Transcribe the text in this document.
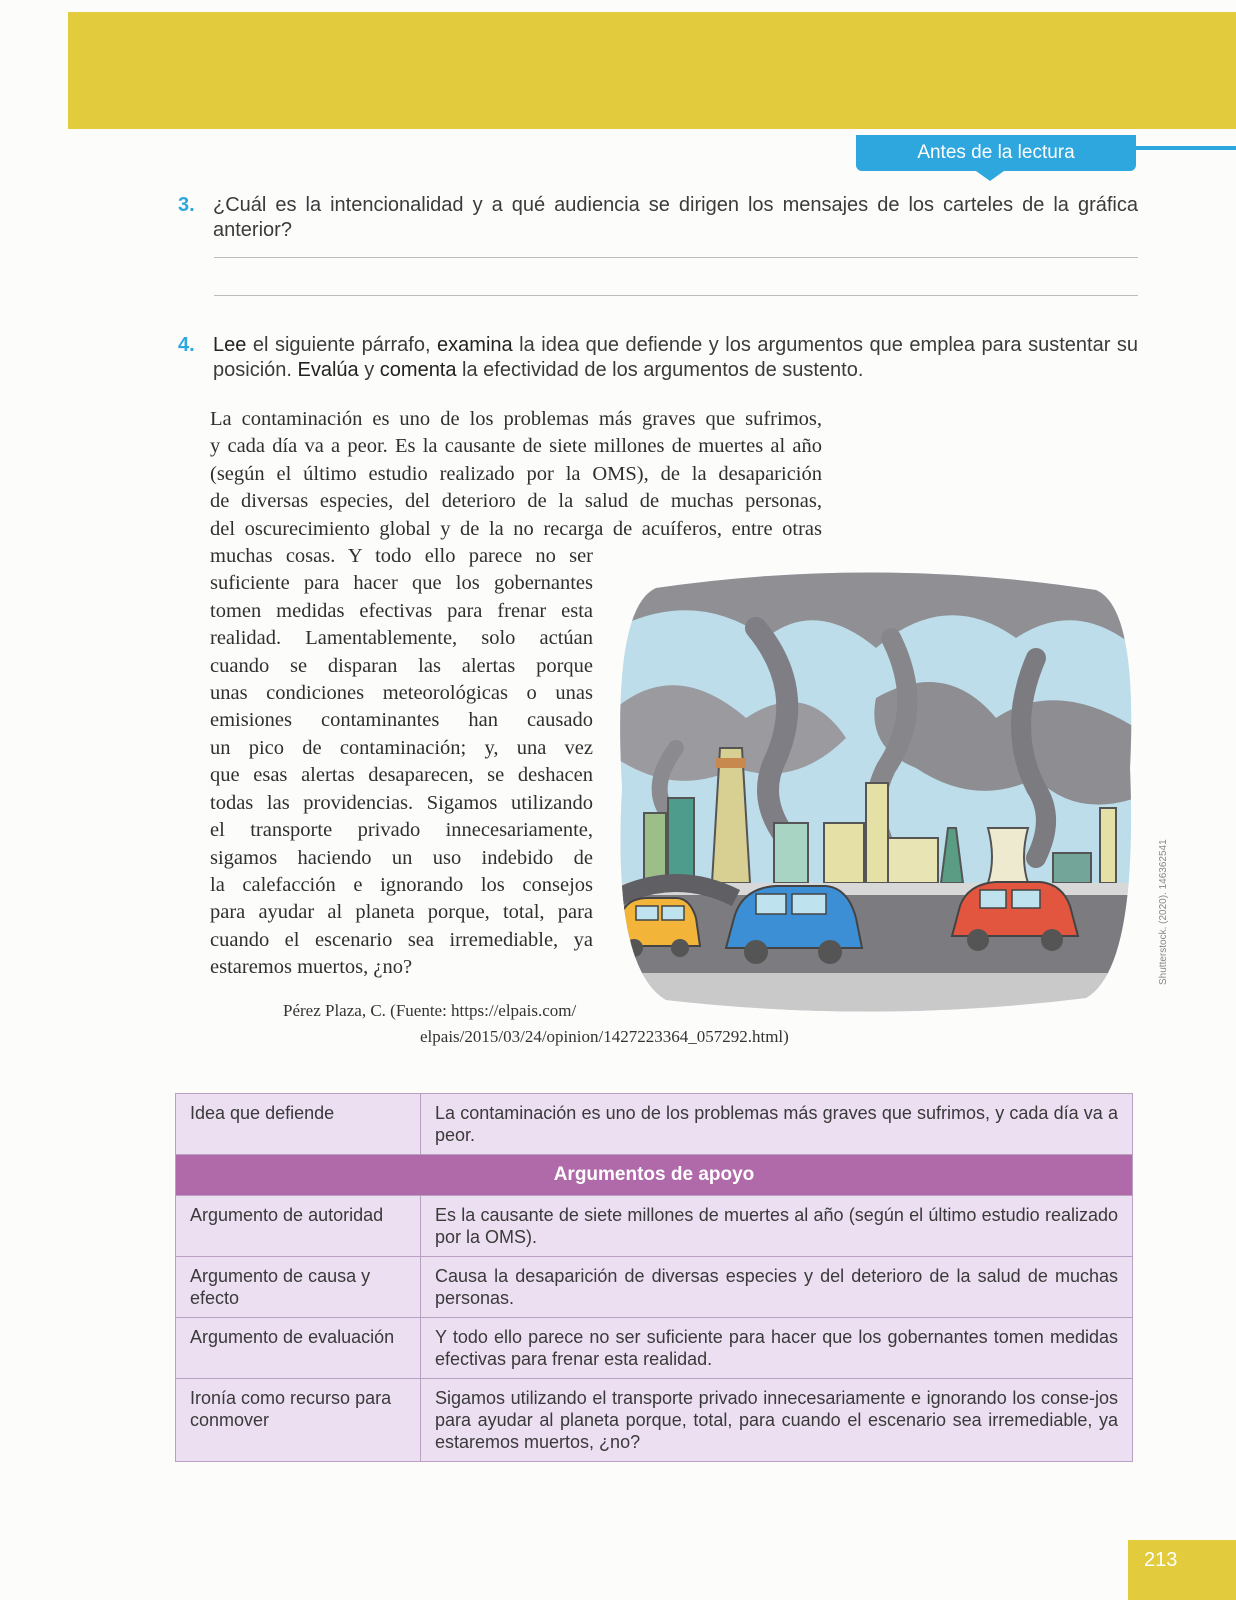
Antes de la lectura
3. ¿Cuál es la intencionalidad y a qué audiencia se dirigen los mensajes de los carteles de la gráfica anterior?
4. Lee el siguiente párrafo, examina la idea que defiende y los argumentos que emplea para sustentar su posición. Evalúa y comenta la efectividad de los argumentos de sustento.
La contaminación es uno de los problemas más graves que sufrimos,
y cada día va a peor. Es la causante de siete millones de muertes al año
(según el último estudio realizado por la OMS), de la desaparición
de diversas especies, del deterioro de la salud de muchas personas,
del oscurecimiento global y de la no recarga de acuíferos, entre otras
muchas cosas. Y todo ello parece no ser
suficiente para hacer que los gobernantes
tomen medidas efectivas para frenar esta
realidad. Lamentablemente, solo actúan
cuando se disparan las alertas porque
unas condiciones meteorológicas o unas
emisiones contaminantes han causado
un pico de contaminación; y, una vez
que esas alertas desaparecen, se deshacen
todas las providencias. Sigamos utilizando
el transporte privado innecesariamente,
sigamos haciendo un uso indebido de
la calefacción e ignorando los consejos
para ayudar al planeta porque, total, para
cuando el escenario sea irremediable, ya
estaremos muertos, ¿no?
Pérez Plaza, C. (Fuente: https://elpais.com/
elpais/2015/03/24/opinion/1427223364_057292.html)
Shutterstock. (2020). 146362541
Idea que defiende	La contaminación es uno de los problemas más graves que sufrimos, y cada día va a peor.
Argumentos de apoyo	
Argumento de autoridad	Es la causante de siete millones de muertes al año (según el último estudio realizado por la OMS).
Argumento de causa y efecto	Causa la desaparición de diversas especies y del deterioro de la salud de muchas personas.
Argumento de evaluación	Y todo ello parece no ser suficiente para hacer que los gobernantes tomen medidas efectivas para frenar esta realidad.
Ironía como recurso para conmover	Sigamos utilizando el transporte privado innecesariamente e ignorando los conse-jos para ayudar al planeta porque, total, para cuando el escenario sea irremediable, ya estaremos muertos, ¿no?
213
